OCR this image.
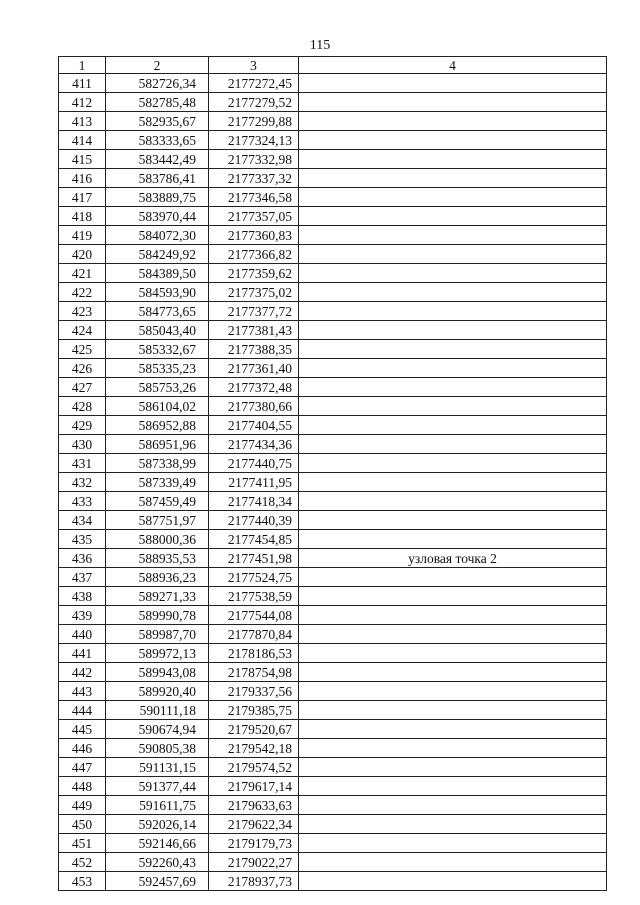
115
1	2	3	4
411	582726,34	2177272,45	
412	582785,48	2177279,52	
413	582935,67	2177299,88	
414	583333,65	2177324,13	
415	583442,49	2177332,98	
416	583786,41	2177337,32	
417	583889,75	2177346,58	
418	583970,44	2177357,05	
419	584072,30	2177360,83	
420	584249,92	2177366,82	
421	584389,50	2177359,62	
422	584593,90	2177375,02	
423	584773,65	2177377,72	
424	585043,40	2177381,43	
425	585332,67	2177388,35	
426	585335,23	2177361,40	
427	585753,26	2177372,48	
428	586104,02	2177380,66	
429	586952,88	2177404,55	
430	586951,96	2177434,36	
431	587338,99	2177440,75	
432	587339,49	2177411,95	
433	587459,49	2177418,34	
434	587751,97	2177440,39	
435	588000,36	2177454,85	
436	588935,53	2177451,98	узловая точка 2
437	588936,23	2177524,75	
438	589271,33	2177538,59	
439	589990,78	2177544,08	
440	589987,70	2177870,84	
441	589972,13	2178186,53	
442	589943,08	2178754,98	
443	589920,40	2179337,56	
444	590111,18	2179385,75	
445	590674,94	2179520,67	
446	590805,38	2179542,18	
447	591131,15	2179574,52	
448	591377,44	2179617,14	
449	591611,75	2179633,63	
450	592026,14	2179622,34	
451	592146,66	2179179,73	
452	592260,43	2179022,27	
453	592457,69	2178937,73	
